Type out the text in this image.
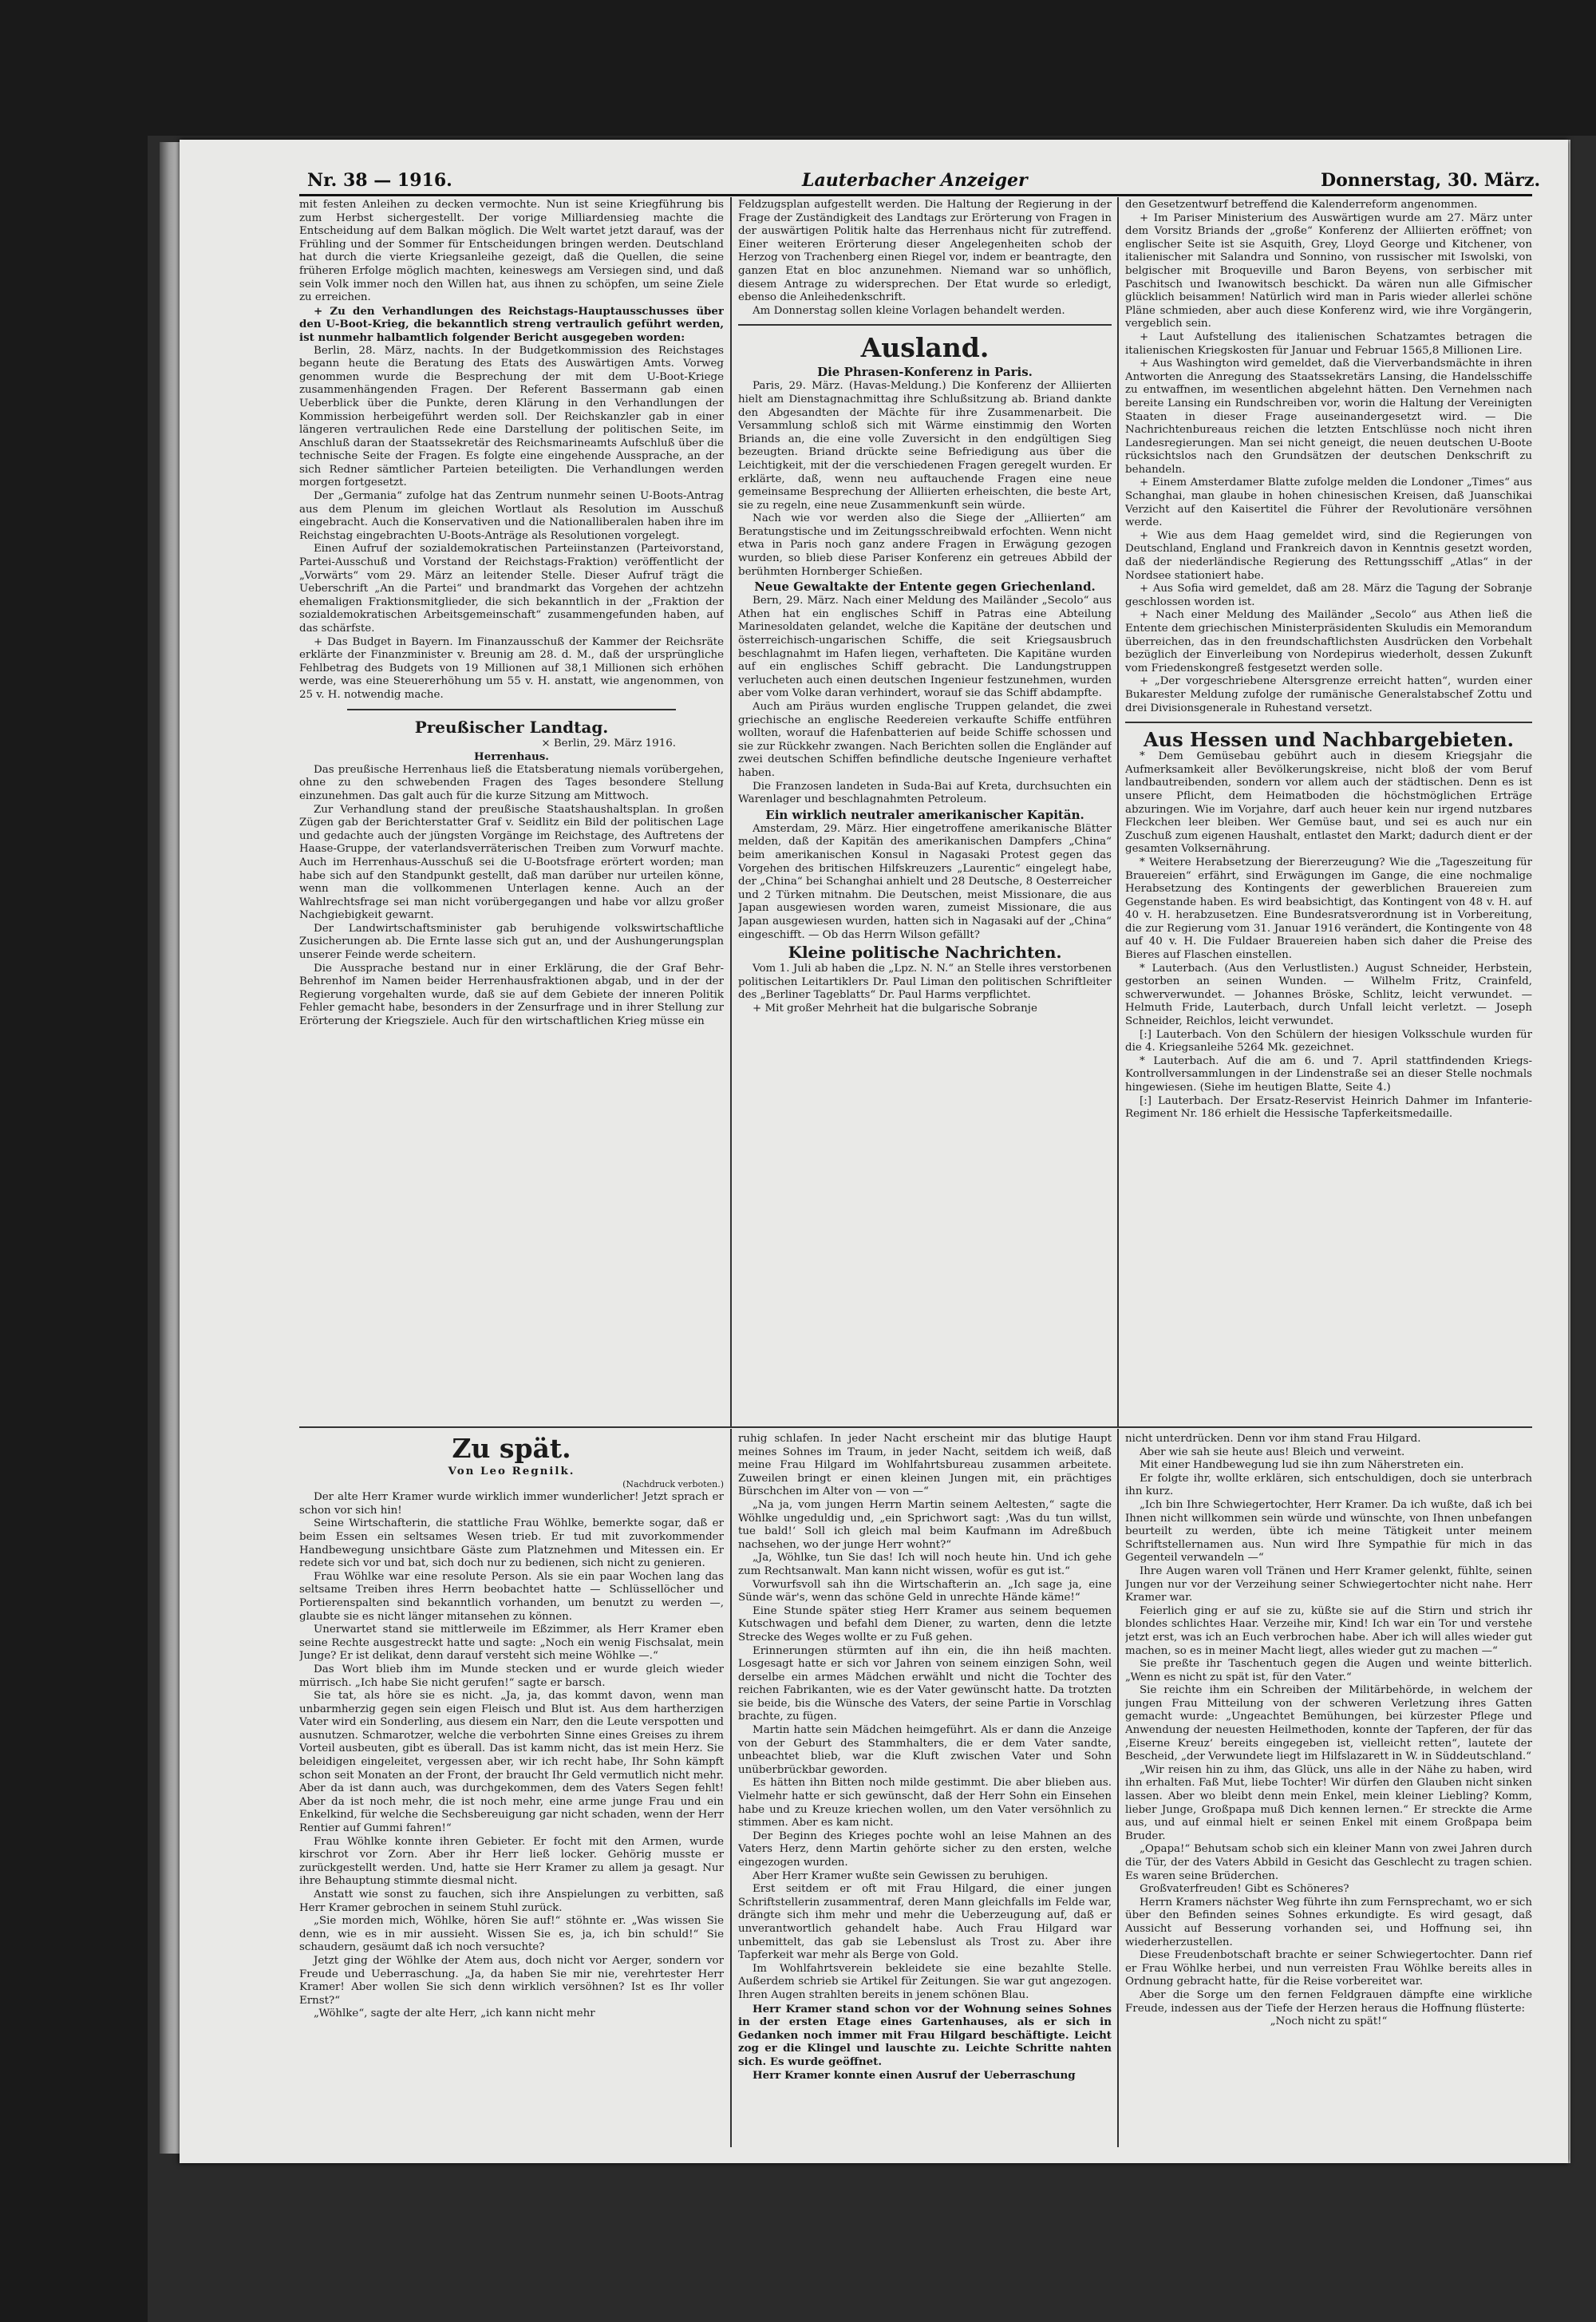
Nr. 38 — 1916.	Lauterbacher Anzeiger	Donnerstag, 30. März.

mit festen Anleihen zu decken vermochte. Nun ist seine Kriegführung bis zum Herbst sichergestellt. Der vorige Milliardensieg machte die Entscheidung auf dem Balkan möglich. Die Welt wartet jetzt darauf, was der Frühling und der Sommer für Entscheidungen bringen werden. Deutschland hat durch die vierte Kriegsanleihe gezeigt, daß die Quellen, die seine früheren Erfolge möglich machten, keineswegs am Versiegen sind, und daß sein Volk immer noch den Willen hat, aus ihnen zu schöpfen, um seine Ziele zu erreichen.

+ Zu den Verhandlungen des Reichstags-Hauptausschusses über den U-Boot-Krieg, die bekanntlich streng vertraulich geführt werden, ist nunmehr halbamtlich folgender Bericht ausgegeben worden:

Berlin, 28. März, nachts. In der Budgetkommission des Reichstages begann heute die Beratung des Etats des Auswärtigen Amts. Vorweg genommen wurde die Besprechung der mit dem U-Boot-Kriege zusammenhängenden Fragen. Der Referent Bassermann gab einen Ueberblick über die Punkte, deren Klärung in den Verhandlungen der Kommission herbeigeführt werden soll. Der Reichskanzler gab in einer längeren vertraulichen Rede eine Darstellung der politischen Seite, im Anschluß daran der Staatssekretär des Reichsmarineamts Aufschluß über die technische Seite der Fragen. Es folgte eine eingehende Aussprache, an der sich Redner sämtlicher Parteien beteiligten. Die Verhandlungen werden morgen fortgesetzt.

Der „Germania“ zufolge hat das Zentrum nunmehr seinen U-Boots-Antrag aus dem Plenum im gleichen Wortlaut als Resolution im Ausschuß eingebracht. Auch die Konservativen und die Nationalliberalen haben ihre im Reichstag eingebrachten U-Boots-Anträge als Resolutionen vorgelegt.

Einen Aufruf der sozialdemokratischen Parteiinstanzen (Parteivorstand, Partei-Ausschuß und Vorstand der Reichstags-Fraktion) veröffentlicht der „Vorwärts“ vom 29. März an leitender Stelle. Dieser Aufruf trägt die Ueberschrift „An die Partei“ und brandmarkt das Vorgehen der achtzehn ehemaligen Fraktionsmitglieder, die sich bekanntlich in der „Fraktion der sozialdemokratischen Arbeitsgemeinschaft“ zusammengefunden haben, auf das schärfste.

+ Das Budget in Bayern. Im Finanzausschuß der Kammer der Reichsräte erklärte der Finanzminister v. Breunig am 28. d. M., daß der ursprüngliche Fehlbetrag des Budgets von 19 Millionen auf 38,1 Millionen sich erhöhen werde, was eine Steuererhöhung um 55 v. H. anstatt, wie angenommen, von 25 v. H. notwendig mache.

Preußischer Landtag.

× Berlin, 29. März 1916.

Herrenhaus.

Das preußische Herrenhaus ließ die Etatsberatung niemals vorübergehen, ohne zu den schwebenden Fragen des Tages besondere Stellung einzunehmen. Das galt auch für die kurze Sitzung am Mittwoch.

Zur Verhandlung stand der preußische Staatshaushaltsplan. In großen Zügen gab der Berichterstatter Graf v. Seidlitz ein Bild der politischen Lage und gedachte auch der jüngsten Vorgänge im Reichstage, des Auftretens der Haase-Gruppe, der vaterlandsverräterischen Treiben zum Vorwurf machte. Auch im Herrenhaus-Ausschuß sei die U-Bootsfrage erörtert worden; man habe sich auf den Standpunkt gestellt, daß man darüber nur urteilen könne, wenn man die vollkommenen Unterlagen kenne. Auch an der Wahlrechtsfrage sei man nicht vorübergegangen und habe vor allzu großer Nachgiebigkeit gewarnt.

Der Landwirtschaftsminister gab beruhigende volkswirtschaftliche Zusicherungen ab. Die Ernte lasse sich gut an, und der Aushungerungsplan unserer Feinde werde scheitern.

Die Aussprache bestand nur in einer Erklärung, die der Graf Behr-Behrenhof im Namen beider Herrenhausfraktionen abgab, und in der der Regierung vorgehalten wurde, daß sie auf dem Gebiete der inneren Politik Fehler gemacht habe, besonders in der Zensurfrage und in ihrer Stellung zur Erörterung der Kriegsziele. Auch für den wirtschaftlichen Krieg müsse ein

Feldzugsplan aufgestellt werden. Die Haltung der Regierung in der Frage der Zuständigkeit des Landtags zur Erörterung von Fragen in der auswärtigen Politik halte das Herrenhaus nicht für zutreffend. Einer weiteren Erörterung dieser Angelegenheiten schob der Herzog von Trachenberg einen Riegel vor, indem er beantragte, den ganzen Etat en bloc anzunehmen. Niemand war so unhöflich, diesem Antrage zu widersprechen. Der Etat wurde so erledigt, ebenso die Anleihedenkschrift.

Am Donnerstag sollen kleine Vorlagen behandelt werden.

Ausland.

Die Phrasen-Konferenz in Paris.

Paris, 29. März. (Havas-Meldung.) Die Konferenz der Alliierten hielt am Dienstagnachmittag ihre Schlußsitzung ab. Briand dankte den Abgesandten der Mächte für ihre Zusammenarbeit. Die Versammlung schloß sich mit Wärme einstimmig den Worten Briands an, die eine volle Zuversicht in den endgültigen Sieg bezeugten. Briand drückte seine Befriedigung aus über die Leichtigkeit, mit der die verschiedenen Fragen geregelt wurden. Er erklärte, daß, wenn neu auftauchende Fragen eine neue gemeinsame Besprechung der Alliierten erheischten, die beste Art, sie zu regeln, eine neue Zusammenkunft sein würde.

Nach wie vor werden also die Siege der „Alliierten“ am Beratungstische und im Zeitungsschreibwald erfochten. Wenn nicht etwa in Paris noch ganz andere Fragen in Erwägung gezogen wurden, so blieb diese Pariser Konferenz ein getreues Abbild der berühmten Hornberger Schießen.

Neue Gewaltakte der Entente gegen Griechenland.

Bern, 29. März. Nach einer Meldung des Mailänder „Secolo“ aus Athen hat ein englisches Schiff in Patras eine Abteilung Marinesoldaten gelandet, welche die Kapitäne der deutschen und österreichisch-ungarischen Schiffe, die seit Kriegsausbruch beschlagnahmt im Hafen liegen, verhafteten. Die Kapitäne wurden auf ein englisches Schiff gebracht. Die Landungstruppen verlucheten auch einen deutschen Ingenieur festzunehmen, wurden aber vom Volke daran verhindert, worauf sie das Schiff abdampfte.

Auch am Piräus wurden englische Truppen gelandet, die zwei griechische an englische Reedereien verkaufte Schiffe entführen wollten, worauf die Hafenbatterien auf beide Schiffe schossen und sie zur Rückkehr zwangen. Nach Berichten sollen die Engländer auf zwei deutschen Schiffen befindliche deutsche Ingenieure verhaftet haben.

Die Franzosen landeten in Suda-Bai auf Kreta, durchsuchten ein Warenlager und beschlagnahmten Petroleum.

Ein wirklich neutraler amerikanischer Kapitän.

Amsterdam, 29. März. Hier eingetroffene amerikanische Blätter melden, daß der Kapitän des amerikanischen Dampfers „China“ beim amerikanischen Konsul in Nagasaki Protest gegen das Vorgehen des britischen Hilfskreuzers „Laurentic“ eingelegt habe, der „China“ bei Schanghai anhielt und 28 Deutsche, 8 Oesterreicher und 2 Türken mitnahm. Die Deutschen, meist Missionare, die aus Japan ausgewiesen worden waren, zumeist Missionare, die aus Japan ausgewiesen wurden, hatten sich in Nagasaki auf der „China“ eingeschifft. — Ob das Herrn Wilson gefällt?

Kleine politische Nachrichten.

Vom 1. Juli ab haben die „Lpz. N. N.“ an Stelle ihres verstorbenen politischen Leitartiklers Dr. Paul Liman den politischen Schriftleiter des „Berliner Tageblatts“ Dr. Paul Harms verpflichtet.

+ Mit großer Mehrheit hat die bulgarische Sobranje

den Gesetzentwurf betreffend die Kalenderreform angenommen.

+ Im Pariser Ministerium des Auswärtigen wurde am 27. März unter dem Vorsitz Briands der „große“ Konferenz der Alliierten eröffnet; von englischer Seite ist sie Asquith, Grey, Lloyd George und Kitchener, von italienischer mit Salandra und Sonnino, von russischer mit Iswolski, von belgischer mit Broqueville und Baron Beyens, von serbischer mit Paschitsch und Iwanowitsch beschickt. Da wären nun alle Gifmischer glücklich beisammen! Natürlich wird man in Paris wieder allerlei schöne Pläne schmieden, aber auch diese Konferenz wird, wie ihre Vorgängerin, vergeblich sein.

+ Laut Aufstellung des italienischen Schatzamtes betragen die italienischen Kriegskosten für Januar und Februar 1565,8 Millionen Lire.

+ Aus Washington wird gemeldet, daß die Vierverbandsmächte in ihren Antworten die Anregung des Staatssekretärs Lansing, die Handelsschiffe zu entwaffnen, im wesentlichen abgelehnt hätten. Den Vernehmen nach bereite Lansing ein Rundschreiben vor, worin die Haltung der Vereinigten Staaten in dieser Frage auseinandergesetzt wird. — Die Nachrichtenbureaus reichen die letzten Entschlüsse noch nicht ihren Landesregierungen. Man sei nicht geneigt, die neuen deutschen U-Boote rücksichtslos nach den Grundsätzen der deutschen Denkschrift zu behandeln.

+ Einem Amsterdamer Blatte zufolge melden die Londoner „Times“ aus Schanghai, man glaube in hohen chinesischen Kreisen, daß Juanschikai Verzicht auf den Kaisertitel die Führer der Revolutionäre versöhnen werde.

+ Wie aus dem Haag gemeldet wird, sind die Regierungen von Deutschland, England und Frankreich davon in Kenntnis gesetzt worden, daß der niederländische Regierung des Rettungsschiff „Atlas“ in der Nordsee stationiert habe.

+ Aus Sofia wird gemeldet, daß am 28. März die Tagung der Sobranje geschlossen worden ist.

+ Nach einer Meldung des Mailänder „Secolo“ aus Athen ließ die Entente dem griechischen Ministerpräsidenten Skuludis ein Memorandum überreichen, das in den freundschaftlichsten Ausdrücken den Vorbehalt bezüglich der Einverleibung von Nordepirus wiederholt, dessen Zukunft vom Friedenskongreß festgesetzt werden solle.

+ „Der vorgeschriebene Altersgrenze erreicht hatten“, wurden einer Bukarester Meldung zufolge der rumänische Generalstabschef Zottu und drei Divisionsgenerale in Ruhestand versetzt.

Aus Hessen und Nachbargebieten.

* Dem Gemüsebau gebührt auch in diesem Kriegsjahr die Aufmerksamkeit aller Bevölkerungskreise, nicht bloß der vom Beruf landbautreibenden, sondern vor allem auch der städtischen. Denn es ist unsere Pflicht, dem Heimatboden die höchstmöglichen Erträge abzuringen. Wie im Vorjahre, darf auch heuer kein nur irgend nutzbares Fleckchen leer bleiben. Wer Gemüse baut, und sei es auch nur ein Zuschuß zum eigenen Haushalt, entlastet den Markt; dadurch dient er der gesamten Volksernährung.

* Weitere Herabsetzung der Biererzeugung? Wie die „Tageszeitung für Brauereien“ erfährt, sind Erwägungen im Gange, die eine nochmalige Herabsetzung des Kontingents der gewerblichen Brauereien zum Gegenstande haben. Es wird beabsichtigt, das Kontingent von 48 v. H. auf 40 v. H. herabzusetzen. Eine Bundesratsverordnung ist in Vorbereitung, die zur Regierung vom 31. Januar 1916 verändert, die Kontingente von 48 auf 40 v. H. Die Fuldaer Brauereien haben sich daher die Preise des Bieres auf Flaschen einstellen.

* Lauterbach. (Aus den Verlustlisten.) August Schneider, Herbstein, gestorben an seinen Wunden. — Wilhelm Fritz, Crainfeld, schwerverwundet. — Johannes Bröske, Schlitz, leicht verwundet. — Helmuth Fride, Lauterbach, durch Unfall leicht verletzt. — Joseph Schneider, Reichlos, leicht verwundet.

[:] Lauterbach. Von den Schülern der hiesigen Volksschule wurden für die 4. Kriegsanleihe 5264 Mk. gezeichnet.

* Lauterbach. Auf die am 6. und 7. April stattfindenden Kriegs-Kontrollversammlungen in der Lindenstraße sei an dieser Stelle nochmals hingewiesen. (Siehe im heutigen Blatte, Seite 4.)

[:] Lauterbach. Der Ersatz-Reservist Heinrich Dahmer im Infanterie-Regiment Nr. 186 erhielt die Hessische Tapferkeitsmedaille.

Zu spät.

Von Leo Regnilk.

(Nachdruck verboten.)

Der alte Herr Kramer wurde wirklich immer wunderlicher! Jetzt sprach er schon vor sich hin!

Seine Wirtschafterin, die stattliche Frau Wöhlke, bemerkte sogar, daß er beim Essen ein seltsames Wesen trieb. Er tud mit zuvorkommender Handbewegung unsichtbare Gäste zum Platznehmen und Mitessen ein. Er redete sich vor und bat, sich doch nur zu bedienen, sich nicht zu genieren.

Frau Wöhlke war eine resolute Person. Als sie ein paar Wochen lang das seltsame Treiben ihres Herrn beobachtet hatte — Schlüssellöcher und Portierenspalten sind bekanntlich vorhanden, um benutzt zu werden —, glaubte sie es nicht länger mitansehen zu können.

Unerwartet stand sie mittlerweile im Eßzimmer, als Herr Kramer eben seine Rechte ausgestreckt hatte und sagte: „Noch ein wenig Fischsalat, mein Junge? Er ist delikat, denn darauf versteht sich meine Wöhlke —.“

Das Wort blieb ihm im Munde stecken und er wurde gleich wieder mürrisch. „Ich habe Sie nicht gerufen!“ sagte er barsch.

Sie tat, als höre sie es nicht. „Ja, ja, das kommt davon, wenn man unbarmherzig gegen sein eigen Fleisch und Blut ist. Aus dem hartherzigen Vater wird ein Sonderling, aus diesem ein Narr, den die Leute verspotten und ausnutzen. Schmarotzer, welche die verbohrten Sinne eines Greises zu ihrem Vorteil ausbeuten, gibt es überall. Das ist kamm nicht, das ist mein Herz. Sie beleidigen eingeleitet, vergessen aber, wir ich recht habe, Ihr Sohn kämpft schon seit Monaten an der Front, der braucht Ihr Geld vermutlich nicht mehr. Aber da ist dann auch, was durchgekommen, dem des Vaters Segen fehlt! Aber da ist noch mehr, die ist noch mehr, eine arme junge Frau und ein Enkelkind, für welche die Sechsbereuigung gar nicht schaden, wenn der Herr Rentier auf Gummi fahren!“

Frau Wöhlke konnte ihren Gebieter. Er focht mit den Armen, wurde kirschrot vor Zorn. Aber ihr Herr ließ locker. Gehörig musste er zurückgestellt werden. Und, hatte sie Herr Kramer zu allem ja gesagt. Nur ihre Behauptung stimmte diesmal nicht.

Anstatt wie sonst zu fauchen, sich ihre Anspielungen zu verbitten, saß Herr Kramer gebrochen in seinem Stuhl zurück.

„Sie morden mich, Wöhlke, hören Sie auf!“ stöhnte er. „Was wissen Sie denn, wie es in mir aussieht. Wissen Sie es, ja, ich bin schuld!“ Sie schaudern, gesäumt daß ich noch versuchte?

Jetzt ging der Wöhlke der Atem aus, doch nicht vor Aerger, sondern vor Freude und Ueberraschung. „Ja, da haben Sie mir nie, verehrtester Herr Kramer! Aber wollen Sie sich denn wirklich versöhnen? Ist es Ihr voller Ernst?“

„Wöhlke“, sagte der alte Herr, „ich kann nicht mehr

ruhig schlafen. In jeder Nacht erscheint mir das blutige Haupt meines Sohnes im Traum, in jeder Nacht, seitdem ich weiß, daß meine Frau Hilgard im Wohlfahrtsbureau zusammen arbeitete. Zuweilen bringt er einen kleinen Jungen mit, ein prächtiges Bürschchen im Alter von — von —“

„Na ja, vom jungen Herrn Martin seinem Aeltesten,“ sagte die Wöhlke ungeduldig und, „ein Sprichwort sagt: ‚Was du tun willst, tue bald!‘ Soll ich gleich mal beim Kaufmann im Adreßbuch nachsehen, wo der junge Herr wohnt?“

„Ja, Wöhlke, tun Sie das! Ich will noch heute hin. Und ich gehe zum Rechtsanwalt. Man kann nicht wissen, wofür es gut ist.“

Vorwurfsvoll sah ihn die Wirtschafterin an. „Ich sage ja, eine Sünde wär's, wenn das schöne Geld in unrechte Hände käme!“

Eine Stunde später stieg Herr Kramer aus seinem bequemen Kutschwagen und befahl dem Diener, zu warten, denn die letzte Strecke des Weges wollte er zu Fuß gehen.

Erinnerungen stürmten auf ihn ein, die ihn heiß machten. Losgesagt hatte er sich vor Jahren von seinem einzigen Sohn, weil derselbe ein armes Mädchen erwählt und nicht die Tochter des reichen Fabrikanten, wie es der Vater gewünscht hatte. Da trotzten sie beide, bis die Wünsche des Vaters, der seine Partie in Vorschlag brachte, zu fügen.

Martin hatte sein Mädchen heimgeführt. Als er dann die Anzeige von der Geburt des Stammhalters, die er dem Vater sandte, unbeachtet blieb, war die Kluft zwischen Vater und Sohn unüberbrückbar geworden.

Es hätten ihn Bitten noch milde gestimmt. Die aber blieben aus. Vielmehr hatte er sich gewünscht, daß der Herr Sohn ein Einsehen habe und zu Kreuze kriechen wollen, um den Vater versöhnlich zu stimmen. Aber es kam nicht.

Der Beginn des Krieges pochte wohl an leise Mahnen an des Vaters Herz, denn Martin gehörte sicher zu den ersten, welche eingezogen wurden.

Aber Herr Kramer wußte sein Gewissen zu beruhigen.

Erst seitdem er oft mit Frau Hilgard, die einer jungen Schriftstellerin zusammentraf, deren Mann gleichfalls im Felde war, drängte sich ihm mehr und mehr die Ueberzeugung auf, daß er unverantwortlich gehandelt habe. Auch Frau Hilgard war unbemittelt, das gab sie Lebenslust als Trost zu. Aber ihre Tapferkeit war mehr als Berge von Gold.

Im Wohlfahrtsverein bekleidete sie eine bezahlte Stelle. Außerdem schrieb sie Artikel für Zeitungen. Sie war gut angezogen. Ihren Augen strahlten bereits in jenem schönen Blau.

Herr Kramer stand schon vor der Wohnung seines Sohnes in der ersten Etage eines Gartenhauses, als er sich in Gedanken noch immer mit Frau Hilgard beschäftigte. Leicht zog er die Klingel und lauschte zu. Leichte Schritte nahten sich. Es wurde geöffnet.

Herr Kramer konnte einen Ausruf der Ueberraschung

nicht unterdrücken. Denn vor ihm stand Frau Hilgard.

Aber wie sah sie heute aus! Bleich und verweint.

Mit einer Handbewegung lud sie ihn zum Näherstreten ein.

Er folgte ihr, wollte erklären, sich entschuldigen, doch sie unterbrach ihn kurz.

„Ich bin Ihre Schwiegertochter, Herr Kramer. Da ich wußte, daß ich bei Ihnen nicht willkommen sein würde und wünschte, von Ihnen unbefangen beurteilt zu werden, übte ich meine Tätigkeit unter meinem Schriftstellernamen aus. Nun wird Ihre Sympathie für mich in das Gegenteil verwandeln —“

Ihre Augen waren voll Tränen und Herr Kramer gelenkt, fühlte, seinen Jungen nur vor der Verzeihung seiner Schwiegertochter nicht nahe. Herr Kramer war.

Feierlich ging er auf sie zu, küßte sie auf die Stirn und strich ihr blondes schlichtes Haar. Verzeihe mir, Kind! Ich war ein Tor und verstehe jetzt erst, was ich an Euch verbrochen habe. Aber ich will alles wieder gut machen, so es in meiner Macht liegt, alles wieder gut zu machen —“

Sie preßte ihr Taschentuch gegen die Augen und weinte bitterlich. „Wenn es nicht zu spät ist, für den Vater.“

Sie reichte ihm ein Schreiben der Militärbehörde, in welchem der jungen Frau Mitteilung von der schweren Verletzung ihres Gatten gemacht wurde: „Ungeachtet Bemühungen, bei kürzester Pflege und Anwendung der neuesten Heilmethoden, konnte der Tapferen, der für das ‚Eiserne Kreuz‘ bereits eingegeben ist, vielleicht retten“, lautete der Bescheid, „der Verwundete liegt im Hilfslazarett in W. in Süddeutschland.“

„Wir reisen hin zu ihm, das Glück, uns alle in der Nähe zu haben, wird ihn erhalten. Faß Mut, liebe Tochter! Wir dürfen den Glauben nicht sinken lassen. Aber wo bleibt denn mein Enkel, mein kleiner Liebling? Komm, lieber Junge, Großpapa muß Dich kennen lernen.“ Er streckte die Arme aus, und auf einmal hielt er seinen Enkel mit einem Großpapa beim Bruder.

„Opapa!“ Behutsam schob sich ein kleiner Mann von zwei Jahren durch die Tür, der des Vaters Abbild in Gesicht das Geschlecht zu tragen schien. Es waren seine Brüderchen.

Großvaterfreuden! Gibt es Schöneres?

Herrn Kramers nächster Weg führte ihn zum Fernsprechamt, wo er sich über den Befinden seines Sohnes erkundigte. Es wird gesagt, daß Aussicht auf Besserung vorhanden sei, und Hoffnung sei, ihn wiederherzustellen.

Diese Freudenbotschaft brachte er seiner Schwiegertochter. Dann rief er Frau Wöhlke herbei, und nun verreisten Frau Wöhlke bereits alles in Ordnung gebracht hatte, für die Reise vorbereitet war.

Aber die Sorge um den fernen Feldgrauen dämpfte eine wirkliche Freude, indessen aus der Tiefe der Herzen heraus die Hoffnung flüsterte:

„Noch nicht zu spät!“
